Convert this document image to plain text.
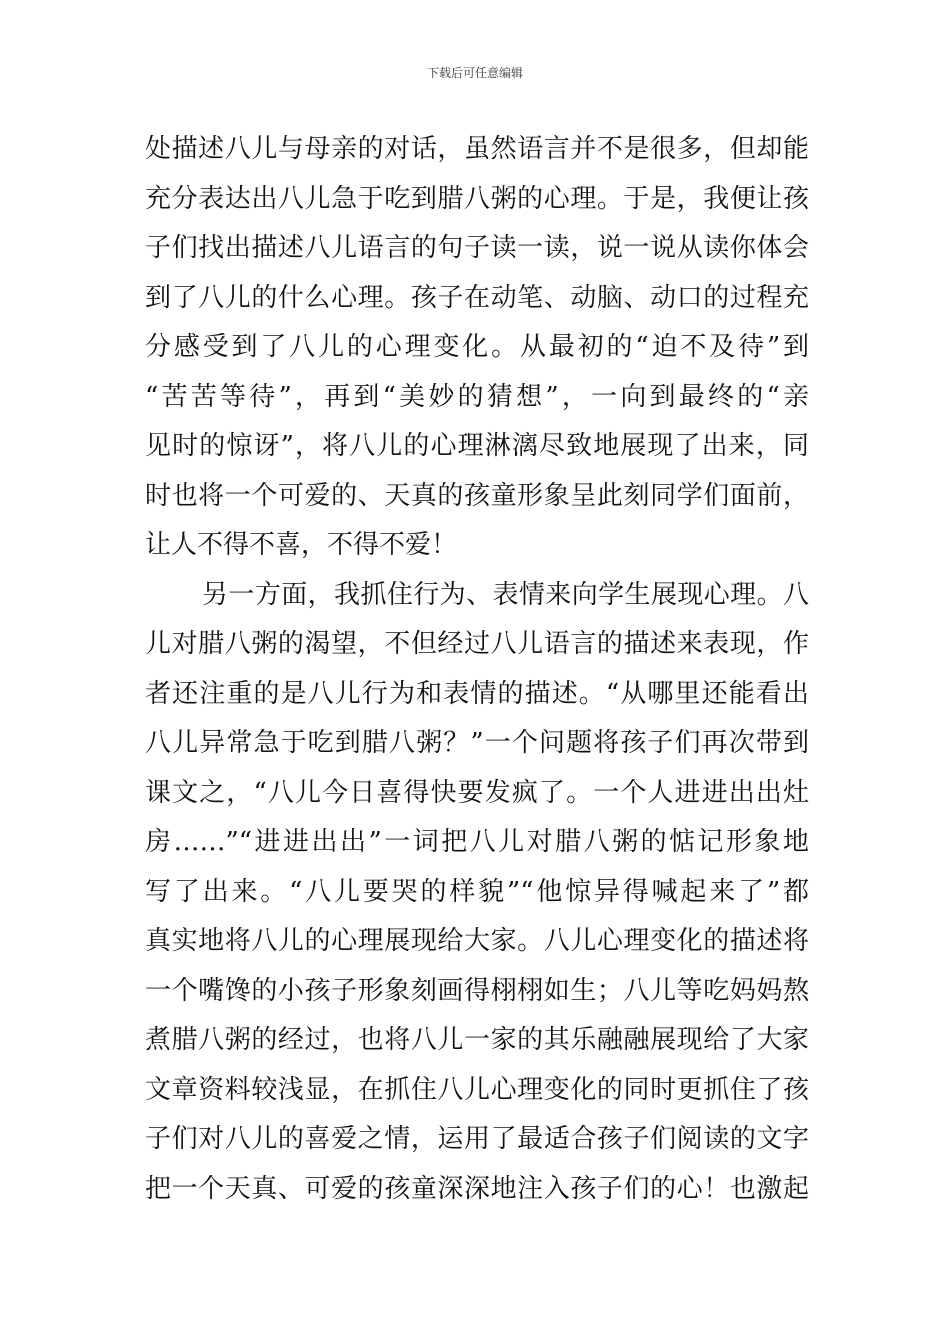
下载后可任意编辑
处描述八儿与母亲的对话，虽然语言并不是很多，但却能
充分表达出八儿急于吃到腊八粥的心理。于是，我便让孩
子们找出描述八儿语言的句子读一读，说一说从读你体会
到了八儿的什么心理。孩子在动笔、动脑、动口的过程充
分感受到了八儿的心理变化。从最初的“迫不及待”到
“苦苦等待”，再到“美妙的猜想”，一向到最终的“亲
见时的惊讶”，将八儿的心理淋漓尽致地展现了出来，同
时也将一个可爱的、天真的孩童形象呈此刻同学们面前，
让人不得不喜，不得不爱！
另一方面，我抓住行为、表情来向学生展现心理。八
儿对腊八粥的渴望，不但经过八儿语言的描述来表现，作
者还注重的是八儿行为和表情的描述。“从哪里还能看出
八儿异常急于吃到腊八粥？”一个问题将孩子们再次带到
课文之，“八儿今日喜得快要发疯了。一个人进进出出灶
房……”“进进出出”一词把八儿对腊八粥的惦记形象地
写了出来。“八儿要哭的样貌”“他惊异得喊起来了”都
真实地将八儿的心理展现给大家。八儿心理变化的描述将
一个嘴馋的小孩子形象刻画得栩栩如生；八儿等吃妈妈熬
煮腊八粥的经过，也将八儿一家的其乐融融展现给了大家
文章资料较浅显，在抓住八儿心理变化的同时更抓住了孩
子们对八儿的喜爱之情，运用了最适合孩子们阅读的文字
把一个天真、可爱的孩童深深地注入孩子们的心！也激起
